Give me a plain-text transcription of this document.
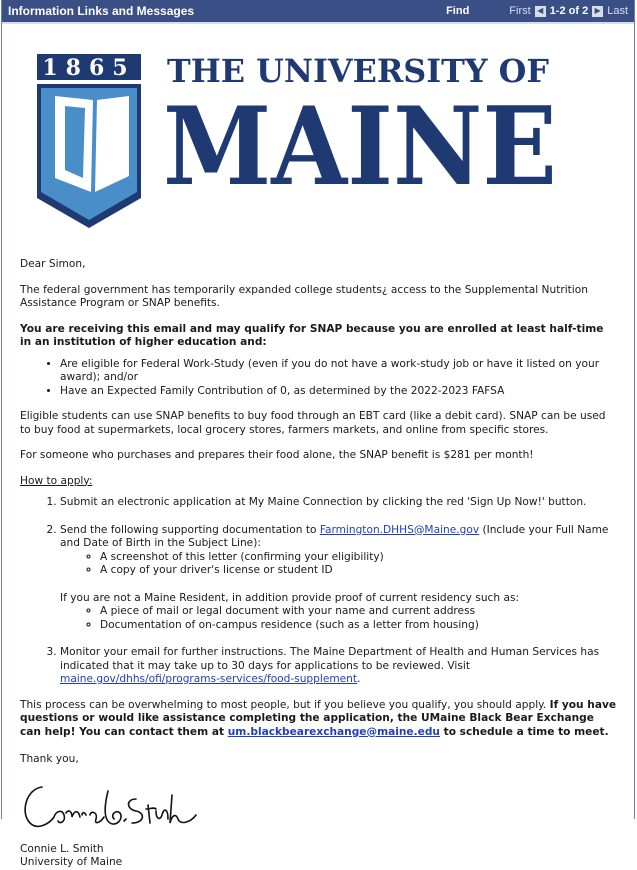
Information Links and Messages	Find	First ◀ 1-2 of 2 ▶ Last
1865 THE UNIVERSITY OF
MAINE

Dear Simon,

The federal government has temporarily expanded college students¿ access to the Supplemental Nutrition Assistance Program or SNAP benefits.

You are receiving this email and may qualify for SNAP because you are enrolled at least half-time in an institution of higher education and:

• Are eligible for Federal Work-Study (even if you do not have a work-study job or have it listed on your award); and/or
• Have an Expected Family Contribution of 0, as determined by the 2022-2023 FAFSA

Eligible students can use SNAP benefits to buy food through an EBT card (like a debit card). SNAP can be used to buy food at supermarkets, local grocery stores, farmers markets, and online from specific stores.

For someone who purchases and prepares their food alone, the SNAP benefit is $281 per month!

How to apply:

1. Submit an electronic application at My Maine Connection by clicking the red 'Sign Up Now!' button.
2. Send the following supporting documentation to Farmington.DHHS@Maine.gov (Include your Full Name and Date of Birth in the Subject Line):
◦ A screenshot of this letter (confirming your eligibility)
◦ A copy of your driver's license or student ID

If you are not a Maine Resident, in addition provide proof of current residency such as:

◦ A piece of mail or legal document with your name and current address
◦ Documentation of on-campus residence (such as a letter from housing)
3. Monitor your email for further instructions. The Maine Department of Health and Human Services has indicated that it may take up to 30 days for applications to be reviewed. Visit maine.gov/dhhs/ofi/programs-services/food-supplement.

This process can be overwhelming to most people, but if you believe you qualify, you should apply. If you have questions or would like assistance completing the application, the UMaine Black Bear Exchange can help! You can contact them at um.blackbearexchange@maine.edu to schedule a time to meet.

Thank you,

Connie L. Smith

University of Maine
